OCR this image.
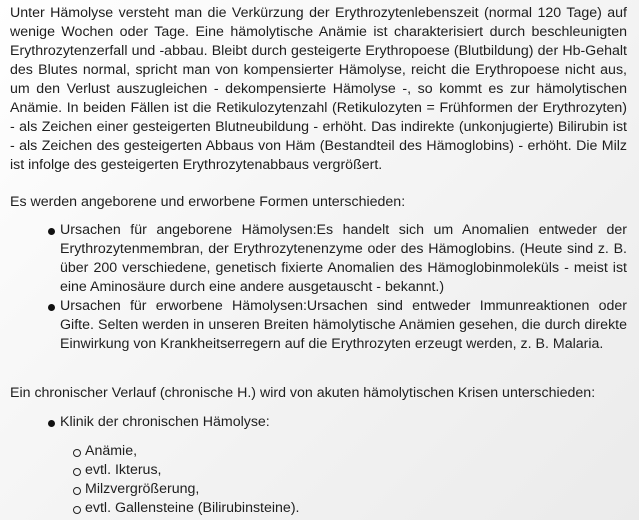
Unter Hämolyse versteht man die Verkürzung der Erythrozytenlebenszeit (normal 120 Tage) auf wenige Wochen oder Tage. Eine hämolytische Anämie ist charakterisiert durch beschleunigten Erythrozytenzerfall und -abbau. Bleibt durch gesteigerte Erythropoese (Blutbildung) der Hb-Gehalt des Blutes normal, spricht man von kompensierter Hämolyse, reicht die Erythropoese nicht aus, um den Verlust auszugleichen - dekompensierte Hämolyse -, so kommt es zur hämolytischen Anämie. In beiden Fällen ist die Retikulozytenzahl (Retikulozyten = Frühformen der Erythrozyten) - als Zeichen einer gesteigerten Blutneubildung - erhöht. Das indirekte (unkonjugierte) Bilirubin ist - als Zeichen des gesteigerten Abbaus von Häm (Bestandteil des Hämoglobins) - erhöht. Die Milz ist infolge des gesteigerten Erythrozytenabbaus vergrößert.

Es werden angeborene und erworbene Formen unterschieden:

Ursachen für angeborene Hämolysen:Es handelt sich um Anomalien entweder der Erythrozytenmembran, der Erythrozytenenzyme oder des Hämoglobins. (Heute sind z. B. über 200 verschiedene, genetisch fixierte Anomalien des Hämoglobinmoleküls - meist ist eine Aminosäure durch eine andere ausgetauscht - bekannt.)
Ursachen für erworbene Hämolysen:Ursachen sind entweder Immunreaktionen oder Gifte. Selten werden in unseren Breiten hämolytische Anämien gesehen, die durch direkte Einwirkung von Krankheitserregern auf die Erythrozyten erzeugt werden, z. B. Malaria.

Ein chronischer Verlauf (chronische H.) wird von akuten hämolytischen Krisen unterschieden:

Klinik der chronischen Hämolyse:
Anämie,
evtl. Ikterus,
Milzvergrößerung,
evtl. Gallensteine (Bilirubinsteine).
